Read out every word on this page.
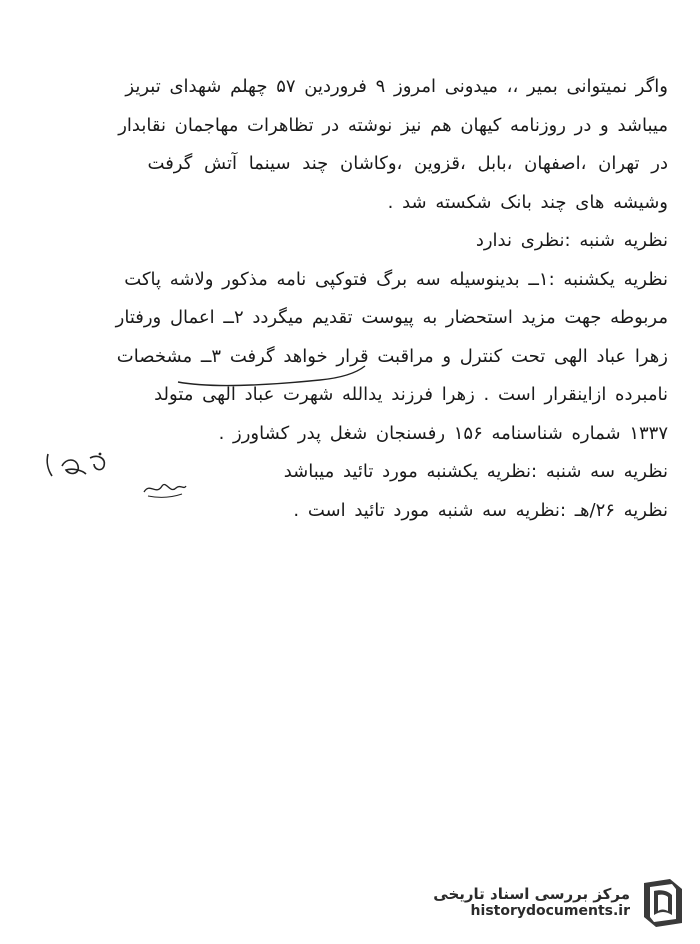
واگر نمیتوانی بمیر ،، میدونی امروز ۹ فروردین ۵۷ چهلم شهدای تبریز
میباشد و در روزنامه کیهان هم نیز نوشته در تظاهرات مهاجمان نقابدار
در تهران ،اصفهان ،بابل ،قزوین ،وکاشان چند سینما آتش گرفت
وشیشه های چند بانک شکسته شد .
نظریه شنبه :نظری ندارد
نظریه یکشنبه :۱ــ بدینوسیله سه برگ فتوکپی نامه مذکور ولاشه پاکت
مربوطه جهت مزید استحضار به پیوست تقدیم میگردد ۲ــ اعمال ورفتار
زهرا عباد الهی تحت کنترل و مراقبت قرار خواهد گرفت ۳ــ مشخصات
نامبرده ازاینقرار است . زهرا فرزند یدالله شهرت عباد الهی متولد
۱۳۳۷ شماره شناسنامه ۱۵۶ رفسنجان شغل پدر کشاورز .
نظریه سه شنبه :نظریه یکشنبه مورد تائید میباشد
نظریه ۲۶/هـ :نظریه سه شنبه مورد تائید است .
مرکز بررسی اسناد تاریخی
historydocuments.ir
